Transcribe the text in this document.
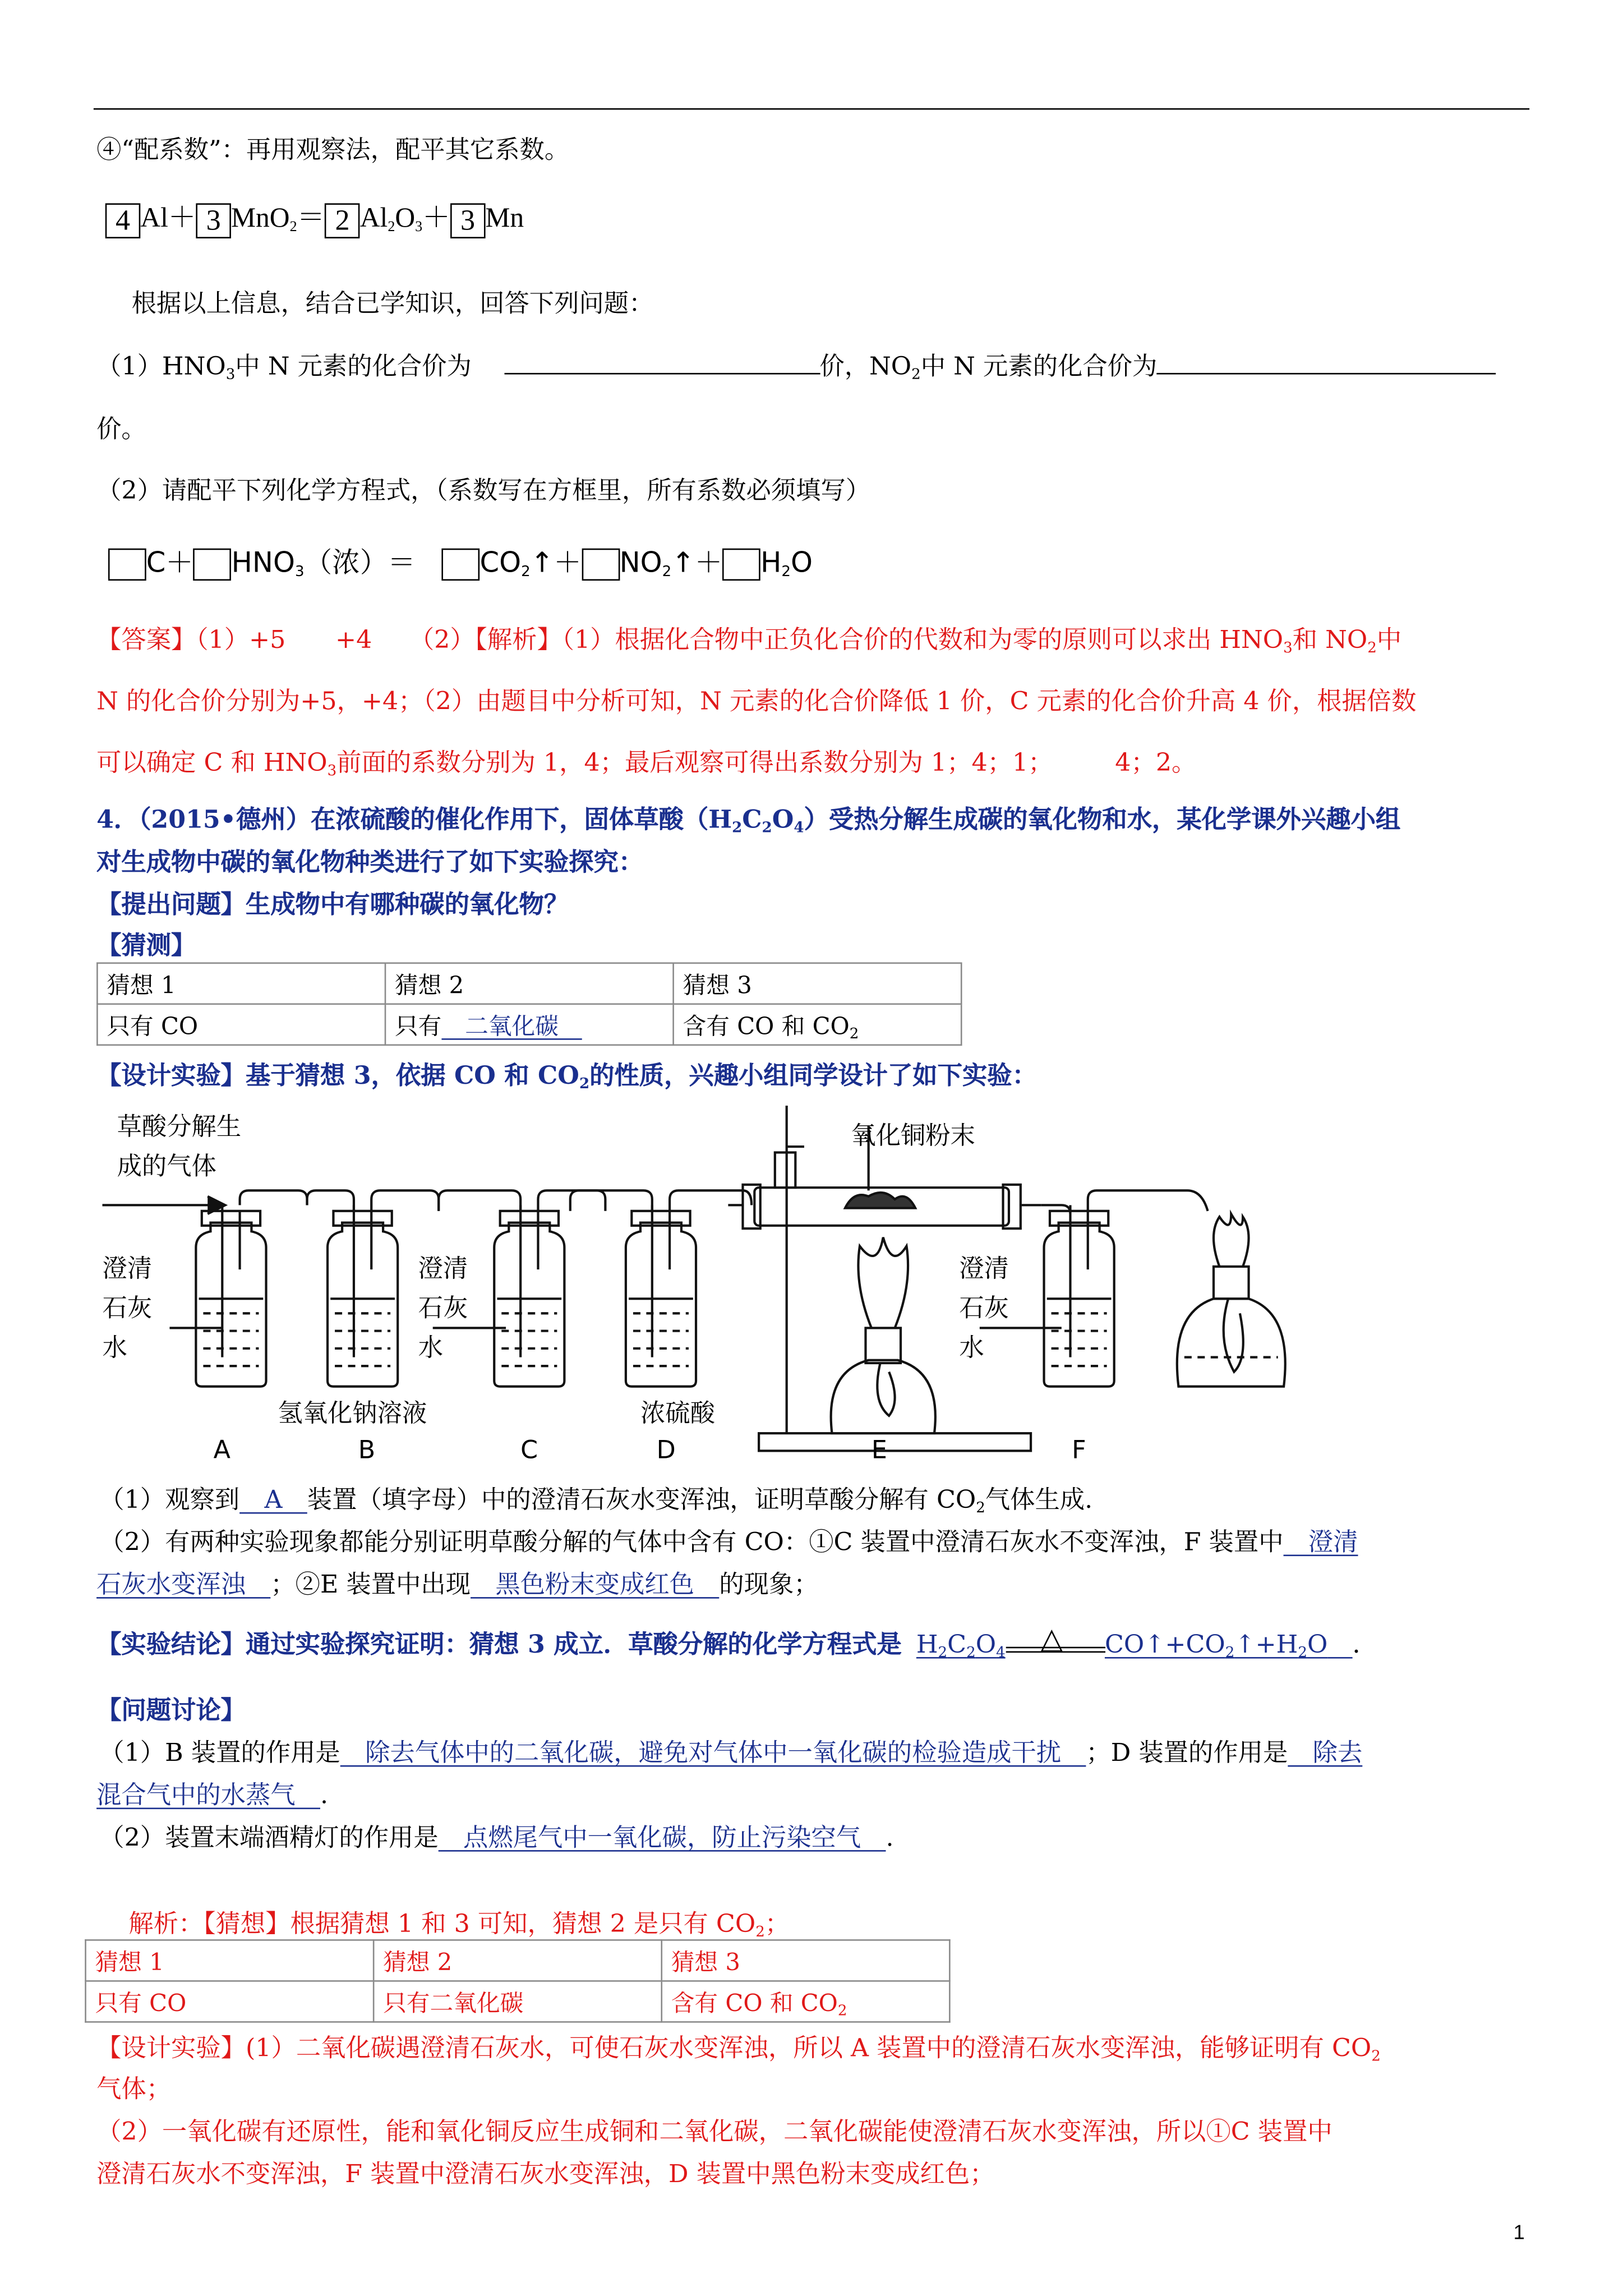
④“配系数”：再用观察法，配平其它系数。
4 Al＋ 3 MnO$_2$＝ 2 $Al_2O_3+ 3$ Mn
根据以上信息，结合已学知识，回答下列问题：
$(1)HNO_3$中 N 元素的化合价为	价，$NO_2$中 N 元素的化合价为
价。
（2）请配平下列化学方程式，（系数写在方框里，所有系数必须填写）
C＋	$HNO_3$（浓）＝	$CO_2↑+$	$NO_2↑+$	$H_2O$
【答案】（1）+5　　+4　　（2）【解析】（1）根据化合物中正负化合价的代数和为零的原则可以求出 $HNO_3$和 $NO_2$中
N 的化合价分别为+5，+4；（2）由题目中分析可知，N 元素的化合价降低 1 价，C 元素的化合价升高 4 价，根据倍数
可以确定 C 和 $HNO_3$前面的系数分别为 1，4；最后观察可得出系数分别为 1；4；1；　　　4；2。
4．（2015•德州）在浓硫酸的催化作用下，固体草酸$(H_2C_2O_4)$受热分解生成碳的氧化物和水，某化学课外兴趣小组
对生成物中碳的氧化物种类进行了如下实验探究：
【提出问题】生成物中有哪种碳的氧化物？
【猜测】
猜想 1	猜想 2	猜想 3
只有 CO	只有　二氧化碳　	含有 CO 和 $CO_2$
【设计实验】基于猜想 3，依据 CO 和 $CO_2$的性质，兴趣小组同学设计了如下实验：
草酸分解生
成的气体
氧化铜粉末
澄清
石灰
水
澄清
石灰
水
澄清
石灰
水
氢氧化钠溶液	浓硫酸
A	B	C	D	E	F
（1）观察到　A　装置（填字母）中的澄清石灰水变浑浊，证明草酸分解有 $CO_2$气体生成.
（2）有两种实验现象都能分别证明草酸分解的气体中含有 CO：①C 装置中澄清石灰水不变浑浊，F 装置中　澄清
石灰水变浑浊　；②E 装置中出现　黑色粉末变成红色　的现象；
【实验结论】通过实验探究证明：猜想 3 成立．草酸分解的化学方程式是 $H_2C_2O_4$	△	$CO↑+CO_2↑+H_2O$　	．
【问题讨论】
（1）B 装置的作用是　除去气体中的二氧化碳，避免对气体中一氧化碳的检验造成干扰　；D 装置的作用是　除去
混合气中的水蒸气　.
（2）装置末端酒精灯的作用是　点燃尾气中一氧化碳，防止污染空气　.
解析：【猜想】根据猜想 1 和 3 可知，猜想 2 是只有 $CO_2$；
猜想 1	猜想 2	猜想 3
只有 CO	只有二氧化碳	含有 CO 和 $CO_2$
【设计实验】(1）二氧化碳遇澄清石灰水，可使石灰水变浑浊，所以 A 装置中的澄清石灰水变浑浊，能够证明有 $CO_2$
气体；
（2）一氧化碳有还原性，能和氧化铜反应生成铜和二氧化碳，二氧化碳能使澄清石灰水变浑浊，所以①C 装置中
澄清石灰水不变浑浊，F 装置中澄清石灰水变浑浊，D 装置中黑色粉末变成红色；
1
